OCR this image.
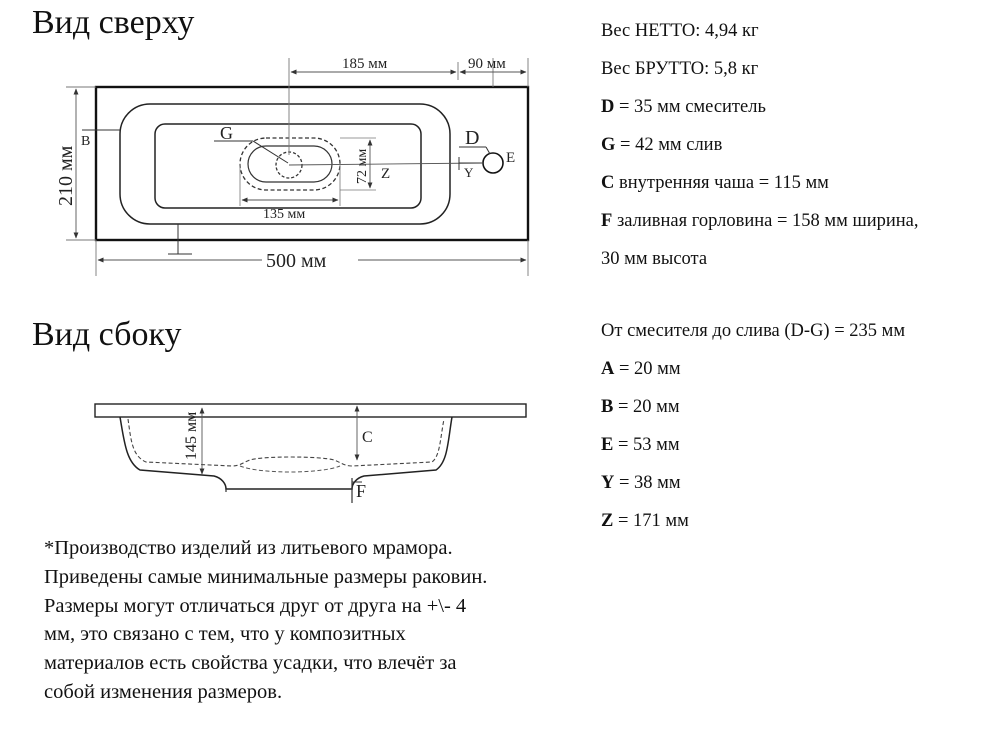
Вид сверху
Вид сбоку
185 мм	90 мм
210 мм
500 мм
72 мм
135 мм
B	G	D
E
Y
Z
145 мм	C
F
Вес НЕТТО: 4,94 кг
Вес БРУТТО: 5,8 кг
D = 35 мм смеситель
G = 42 мм слив
C внутренняя чаша = 115 мм
F заливная горловина = 158 мм ширина,
30 мм высота
От смесителя до слива (D-G) = 235 мм
A = 20 мм
B = 20 мм
E = 53 мм
Y = 38 мм
Z = 171 мм

*Производство изделий из литьевого мрамора.
Приведены самые минимальные размеры раковин.
Размеры могут отличаться друг от друга на +\- 4
мм, это связано с тем, что у композитных
материалов есть свойства усадки, что влечёт за
собой изменения размеров.
